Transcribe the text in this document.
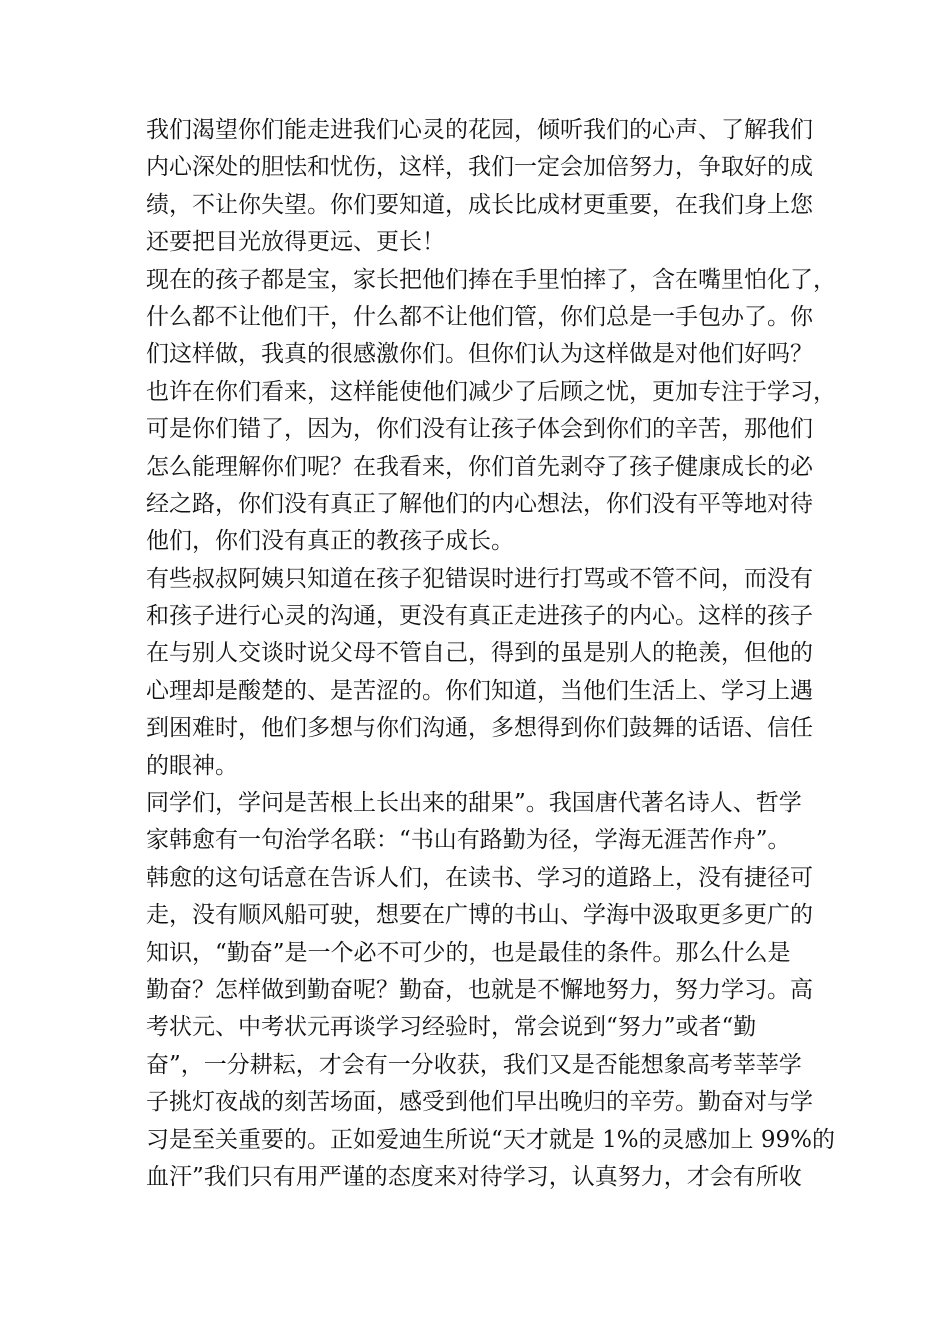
我们渴望你们能走进我们心灵的花园，倾听我们的心声、了解我们
内心深处的胆怯和忧伤，这样，我们一定会加倍努力，争取好的成
绩，不让你失望。你们要知道，成长比成材更重要，在我们身上您
还要把目光放得更远、更长！
现在的孩子都是宝，家长把他们捧在手里怕摔了，含在嘴里怕化了，
什么都不让他们干，什么都不让他们管，你们总是一手包办了。你
们这样做，我真的很感激你们。但你们认为这样做是对他们好吗？
也许在你们看来，这样能使他们减少了后顾之忧，更加专注于学习，
可是你们错了，因为，你们没有让孩子体会到你们的辛苦，那他们
怎么能理解你们呢？在我看来，你们首先剥夺了孩子健康成长的必
经之路，你们没有真正了解他们的内心想法，你们没有平等地对待
他们，你们没有真正的教孩子成长。
有些叔叔阿姨只知道在孩子犯错误时进行打骂或不管不问，而没有
和孩子进行心灵的沟通，更没有真正走进孩子的内心。这样的孩子
在与别人交谈时说父母不管自己，得到的虽是别人的艳羡，但他的
心理却是酸楚的、是苦涩的。你们知道，当他们生活上、学习上遇
到困难时，他们多想与你们沟通，多想得到你们鼓舞的话语、信任
的眼神。
同学们，学问是苦根上长出来的甜果”。我国唐代著名诗人、哲学
家韩愈有一句治学名联：“书山有路勤为径，学海无涯苦作舟”。
韩愈的这句话意在告诉人们，在读书、学习的道路上，没有捷径可
走，没有顺风船可驶，想要在广博的书山、学海中汲取更多更广的
知识，“勤奋”是一个必不可少的，也是最佳的条件。那么什么是
勤奋？怎样做到勤奋呢？勤奋，也就是不懈地努力，努力学习。高
考状元、中考状元再谈学习经验时，常会说到“努力”或者“勤
奋”，一分耕耘，才会有一分收获，我们又是否能想象高考莘莘学
子挑灯夜战的刻苦场面，感受到他们早出晚归的辛劳。勤奋对与学
习是至关重要的。正如爱迪生所说“天才就是 1%的灵感加上 99%的
血汗”我们只有用严谨的态度来对待学习，认真努力，才会有所收
